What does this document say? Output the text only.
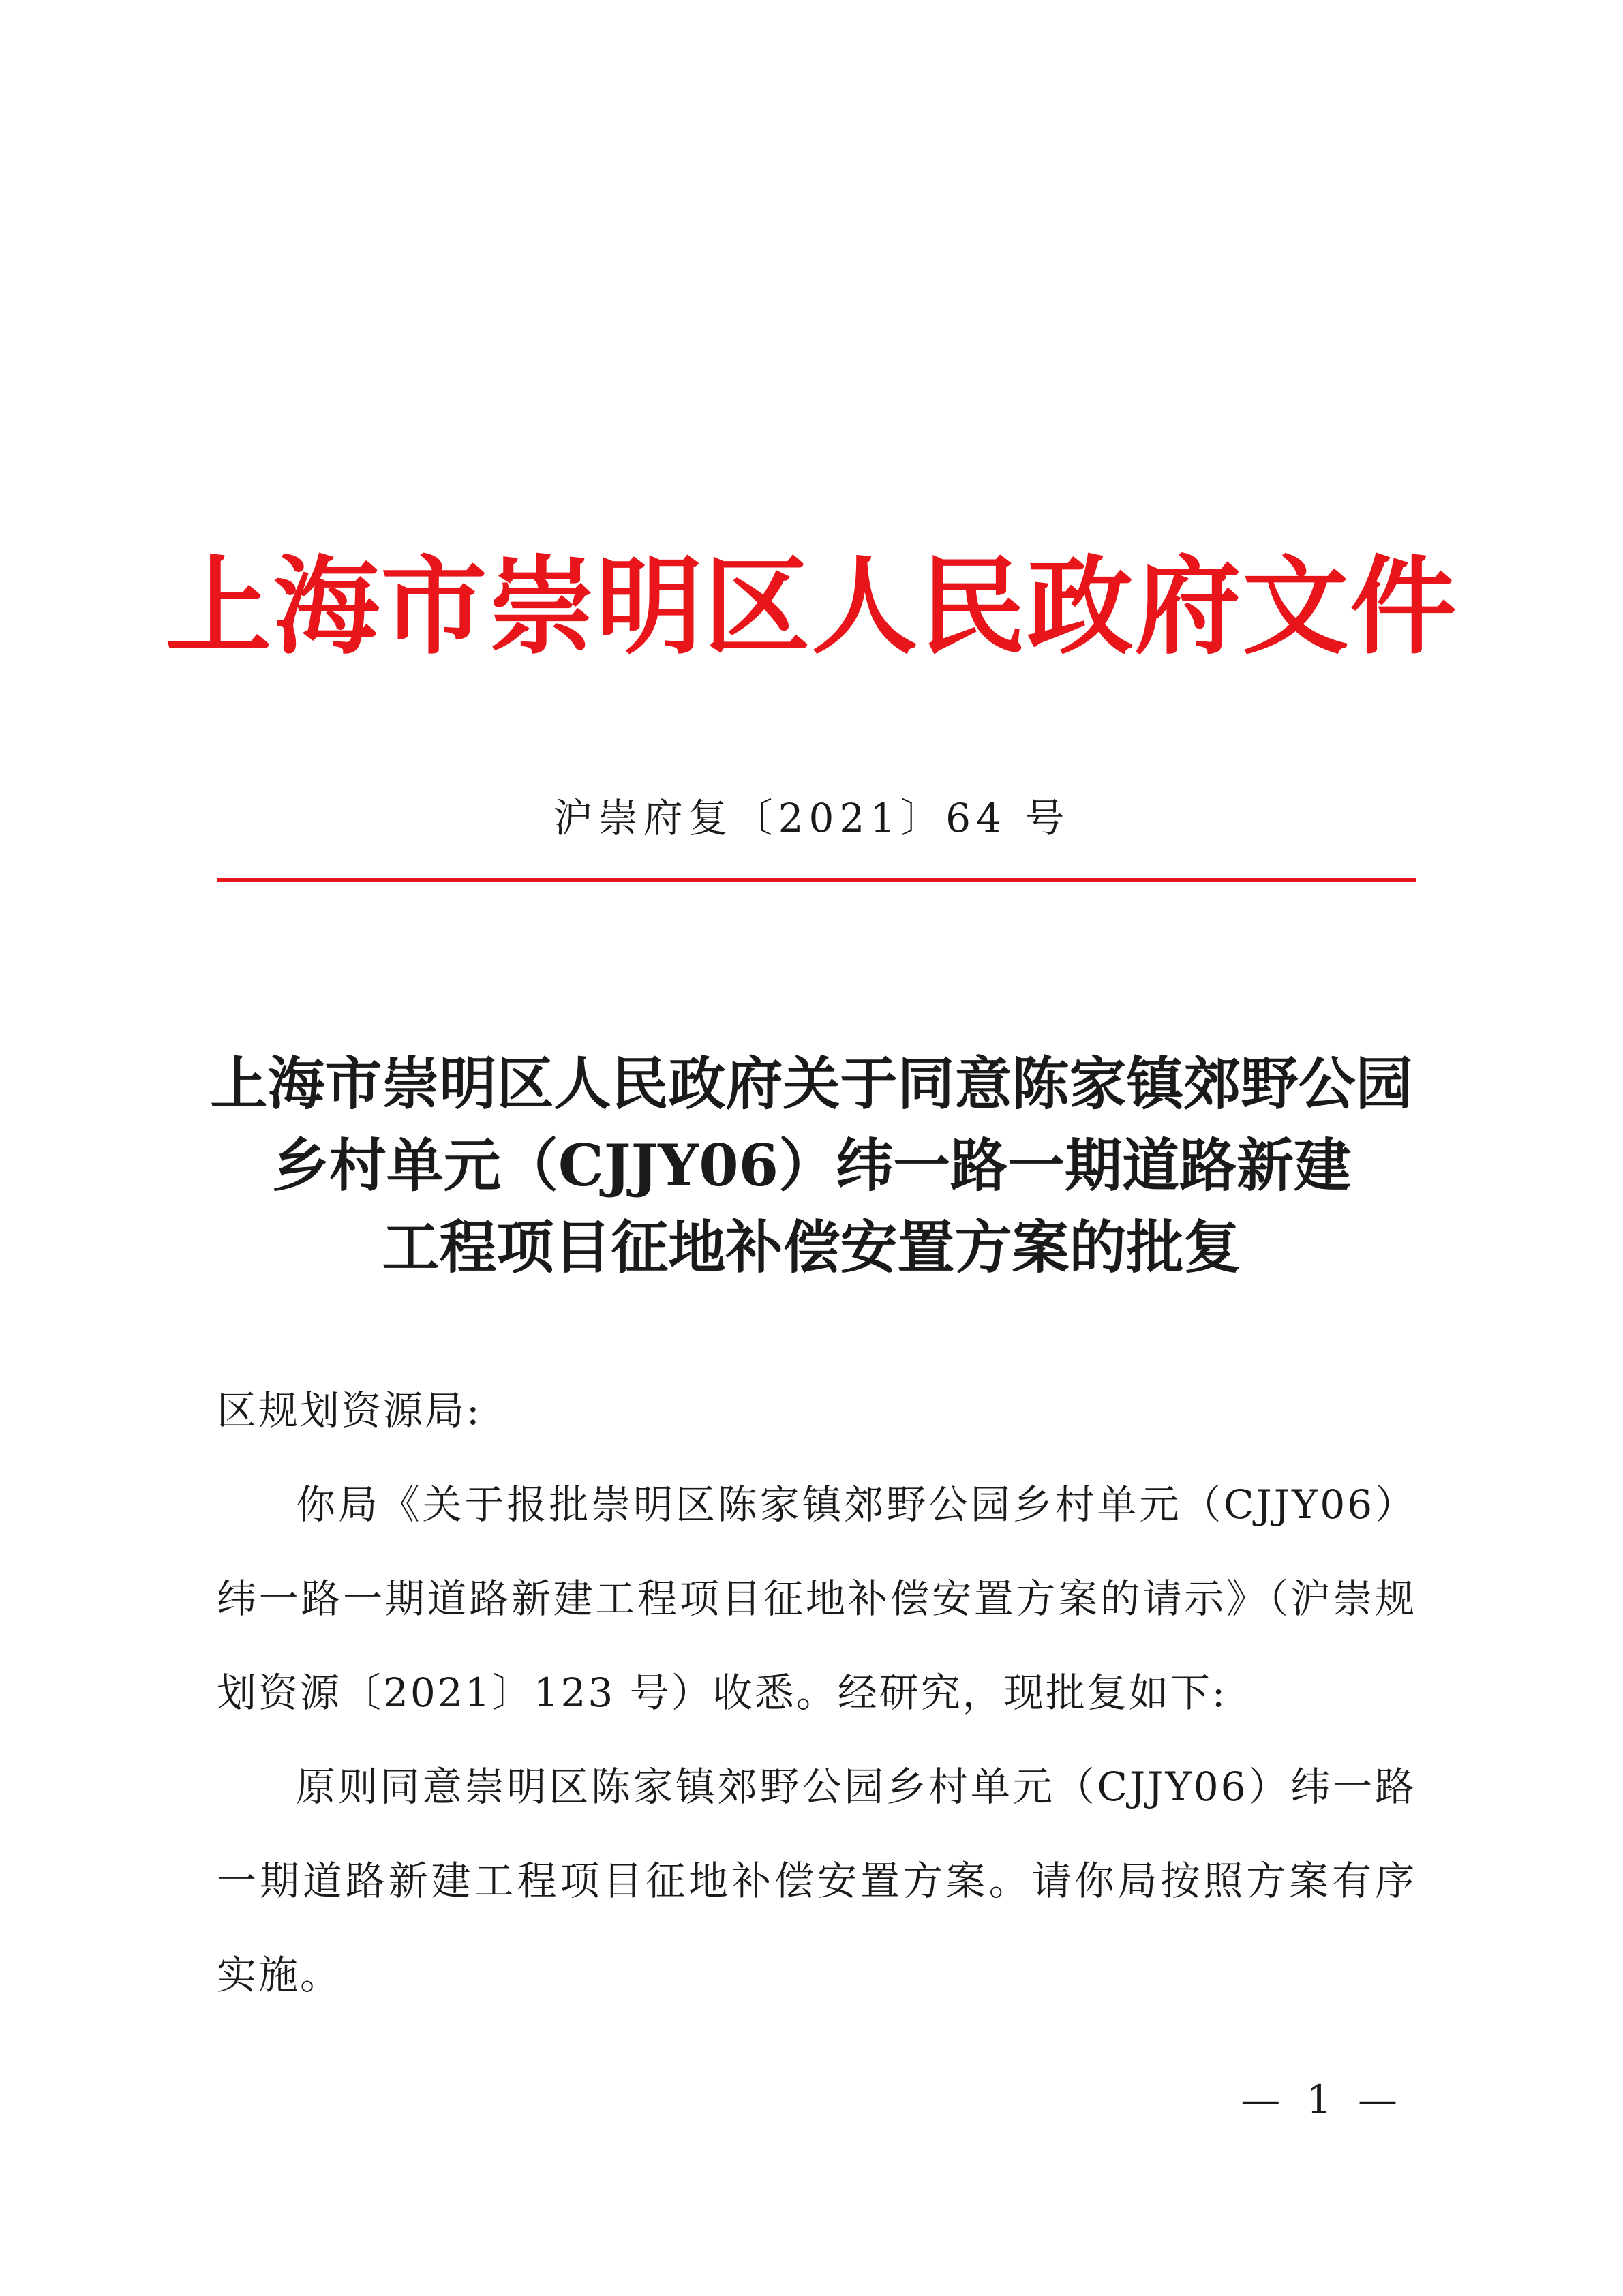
上海市崇明区人民政府文件
沪崇府复〔2021〕64 号
上海市崇明区人民政府关于同意陈家镇郊野公园
乡村单元（CJJY06）纬一路一期道路新建
工程项目征地补偿安置方案的批复
区规划资源局:

你局《关于报批崇明区陈家镇郊野公园乡村单元（CJJY06）纬一路一期道路新建工程项目征地补偿安置方案的请示》（沪崇规划资源〔2021〕123 号）收悉。经研究，现批复如下:

原则同意崇明区陈家镇郊野公园乡村单元（CJJY06）纬一路一期道路新建工程项目征地补偿安置方案。请你局按照方案有序实施。

— 1 —
